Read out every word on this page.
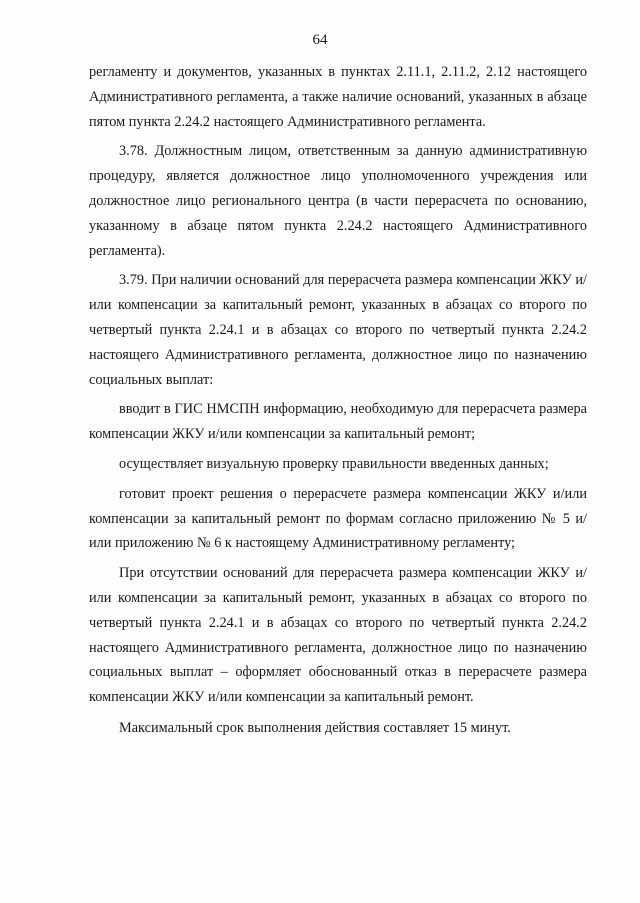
64

регламенту и документов, указанных в пунктах 2.11.1, 2.11.2, 2.12 настоящего Административного регламента, а также наличие оснований, указанных в абзаце пятом пункта 2.24.2 настоящего Административного регламента.

3.78. Должностным лицом, ответственным за данную административную процедуру, является должностное лицо уполномоченного учреждения или должностное лицо регионального центра (в части перерасчета по основанию, указанному в абзаце пятом пункта 2.24.2 настоящего Административного регламента).

3.79. При наличии оснований для перерасчета размера компенсации ЖКУ и/или компенсации за капитальный ремонт, указанных в абзацах со второго по четвертый пункта 2.24.1 и в абзацах со второго по четвертый пункта 2.24.2 настоящего Административного регламента, должностное лицо по назначению социальных выплат:

вводит в ГИС НМСПН информацию, необходимую для перерасчета размера компенсации ЖКУ и/или компенсации за капитальный ремонт;

осуществляет визуальную проверку правильности введенных данных;

готовит проект решения о перерасчете размера компенсации ЖКУ и/или компенсации за капитальный ремонт по формам согласно приложению № 5 и/или приложению № 6 к настоящему Административному регламенту;

При отсутствии оснований для перерасчета размера компенсации ЖКУ и/или компенсации за капитальный ремонт, указанных в абзацах со второго по четвертый пункта 2.24.1 и в абзацах со второго по четвертый пункта 2.24.2 настоящего Административного регламента, должностное лицо по назначению социальных выплат – оформляет обоснованный отказ в перерасчете размера компенсации ЖКУ и/или компенсации за капитальный ремонт.

Максимальный срок выполнения действия составляет 15 минут.
